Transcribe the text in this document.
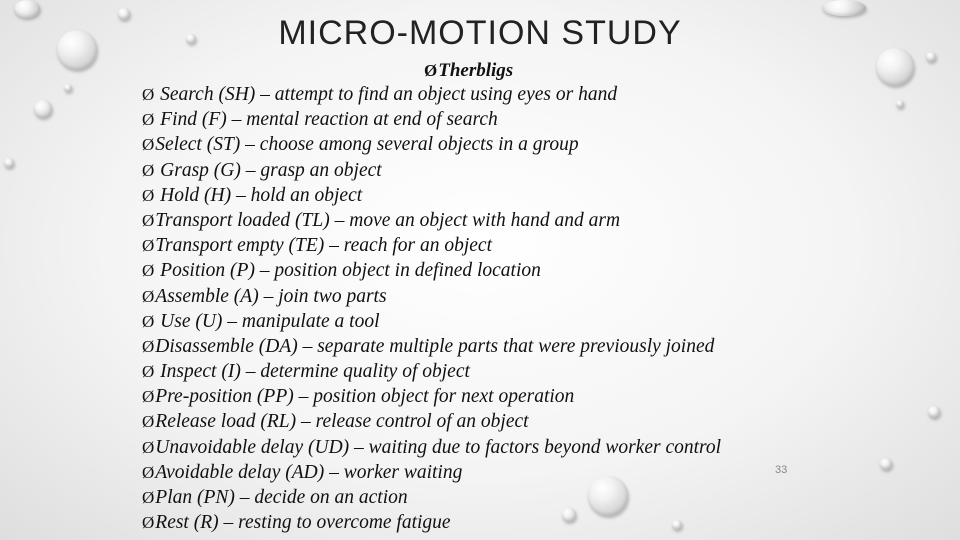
MICRO-MOTION STUDY
ØTherbligs
Ø Search (SH) – attempt to find an object using eyes or hand
Ø Find (F) – mental reaction at end of search
ØSelect (ST) – choose among several objects in a group
Ø Grasp (G) – grasp an object
Ø Hold (H) – hold an object
ØTransport loaded (TL) – move an object with hand and arm
ØTransport empty (TE) – reach for an object
Ø Position (P) – position object in defined location
ØAssemble (A) – join two parts
Ø Use (U) – manipulate a tool
ØDisassemble (DA) – separate multiple parts that were previously joined
Ø Inspect (I) – determine quality of object
ØPre-position (PP) – position object for next operation
ØRelease load (RL) – release control of an object
ØUnavoidable delay (UD) – waiting due to factors beyond worker control
ØAvoidable delay (AD) – worker waiting
ØPlan (PN) – decide on an action
ØRest (R) – resting to overcome fatigue
33
